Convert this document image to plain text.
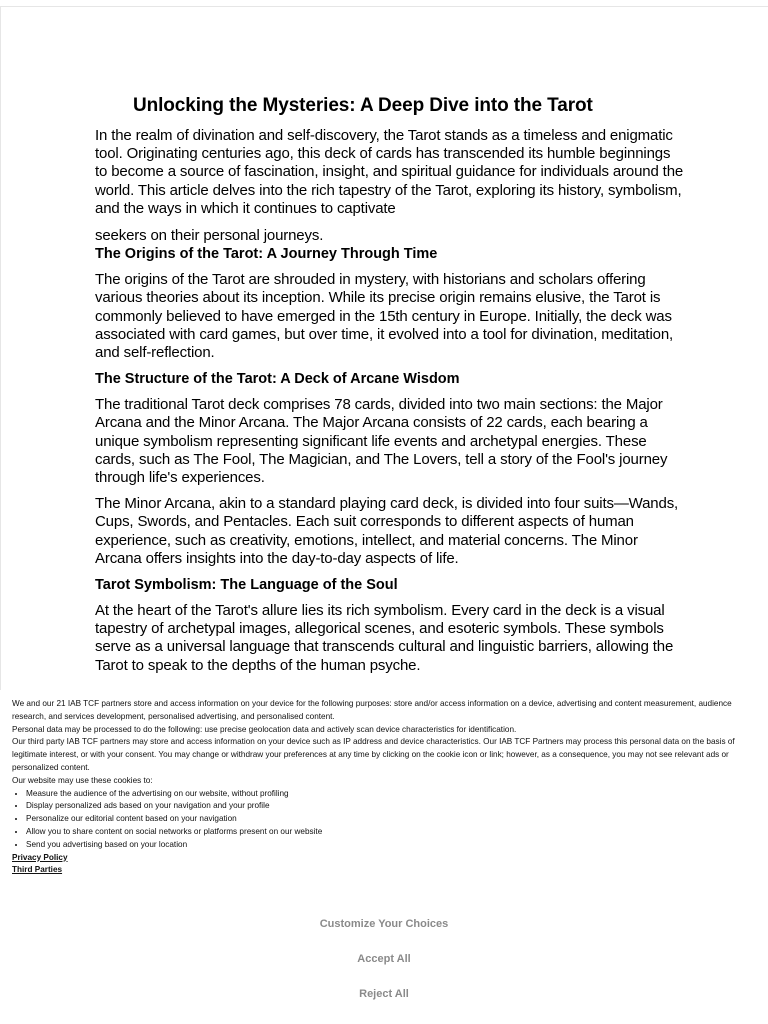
Unlocking the Mysteries: A Deep Dive into the Tarot

In the realm of divination and self-discovery, the Tarot stands as a timeless and enigmatic tool. Originating centuries ago, this deck of cards has transcended its humble beginnings to become a source of fascination, insight, and spiritual guidance for individuals around the world. This article delves into the rich tapestry of the Tarot, exploring its history, symbolism, and the ways in which it continues to captivate

seekers on their personal journeys.

The Origins of the Tarot: A Journey Through Time

The origins of the Tarot are shrouded in mystery, with historians and scholars offering various theories about its inception. While its precise origin remains elusive, the Tarot is commonly believed to have emerged in the 15th century in Europe. Initially, the deck was associated with card games, but over time, it evolved into a tool for divination, meditation, and self-reflection.

The Structure of the Tarot: A Deck of Arcane Wisdom

The traditional Tarot deck comprises 78 cards, divided into two main sections: the Major Arcana and the Minor Arcana. The Major Arcana consists of 22 cards, each bearing a unique symbolism representing significant life events and archetypal energies. These cards, such as The Fool, The Magician, and The Lovers, tell a story of the Fool's journey through life's experiences.

The Minor Arcana, akin to a standard playing card deck, is divided into four suits—Wands, Cups, Swords, and Pentacles. Each suit corresponds to different aspects of human experience, such as creativity, emotions, intellect, and material concerns. The Minor Arcana offers insights into the day-to-day aspects of life.

Tarot Symbolism: The Language of the Soul

At the heart of the Tarot's allure lies its rich symbolism. Every card in the deck is a visual tapestry of archetypal images, allegorical scenes, and esoteric symbols. These symbols serve as a universal language that transcends cultural and linguistic barriers, allowing the Tarot to speak to the depths of the human psyche.

We and our 21 IAB TCF partners store and access information on your device for the following purposes: store and/or access information on a device, advertising and content measurement, audience research, and services development, personalised advertising, and personalised content.
Personal data may be processed to do the following: use precise geolocation data and actively scan device characteristics for identification.
Our third party IAB TCF partners may store and access information on your device such as IP address and device characteristics. Our IAB TCF Partners may process this personal data on the basis of legitimate interest, or with your consent. You may change or withdraw your preferences at any time by clicking on the cookie icon or link; however, as a consequence, you may not see relevant ads or personalized content.
Our website may use these cookies to:
• Measure the audience of the advertising on our website, without profiling
• Display personalized ads based on your navigation and your profile
• Personalize our editorial content based on your navigation
• Allow you to share content on social networks or platforms present on our website
• Send you advertising based on your location
Privacy Policy
Third Parties
Customize Your Choices
Accept All
Reject All
